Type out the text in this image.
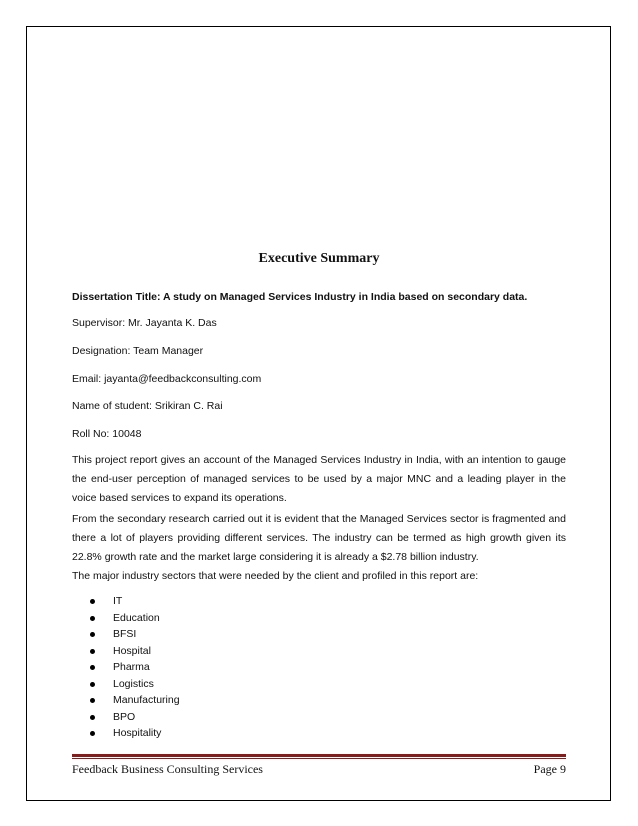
Executive Summary
Dissertation Title: A study on Managed Services Industry in India based on secondary data.
Supervisor: Mr. Jayanta K. Das
Designation: Team Manager
Email: jayanta@feedbackconsulting.com
Name of student: Srikiran C. Rai
Roll No: 10048
This project report gives an account of the Managed Services Industry in India, with an intention to gauge the end-user perception of managed services to be used by a major MNC and a leading player in the voice based services to expand its operations.
From the secondary research carried out it is evident that the Managed Services sector is fragmented and there a lot of players providing different services. The industry can be termed as high growth given its 22.8% growth rate and the market large considering it is already a $2.78 billion industry.
The major industry sectors that were needed by the client and profiled in this report are:
IT
Education
BFSI
Hospital
Pharma
Logistics
Manufacturing
BPO
Hospitality
Feedback Business Consulting Services	Page 9
